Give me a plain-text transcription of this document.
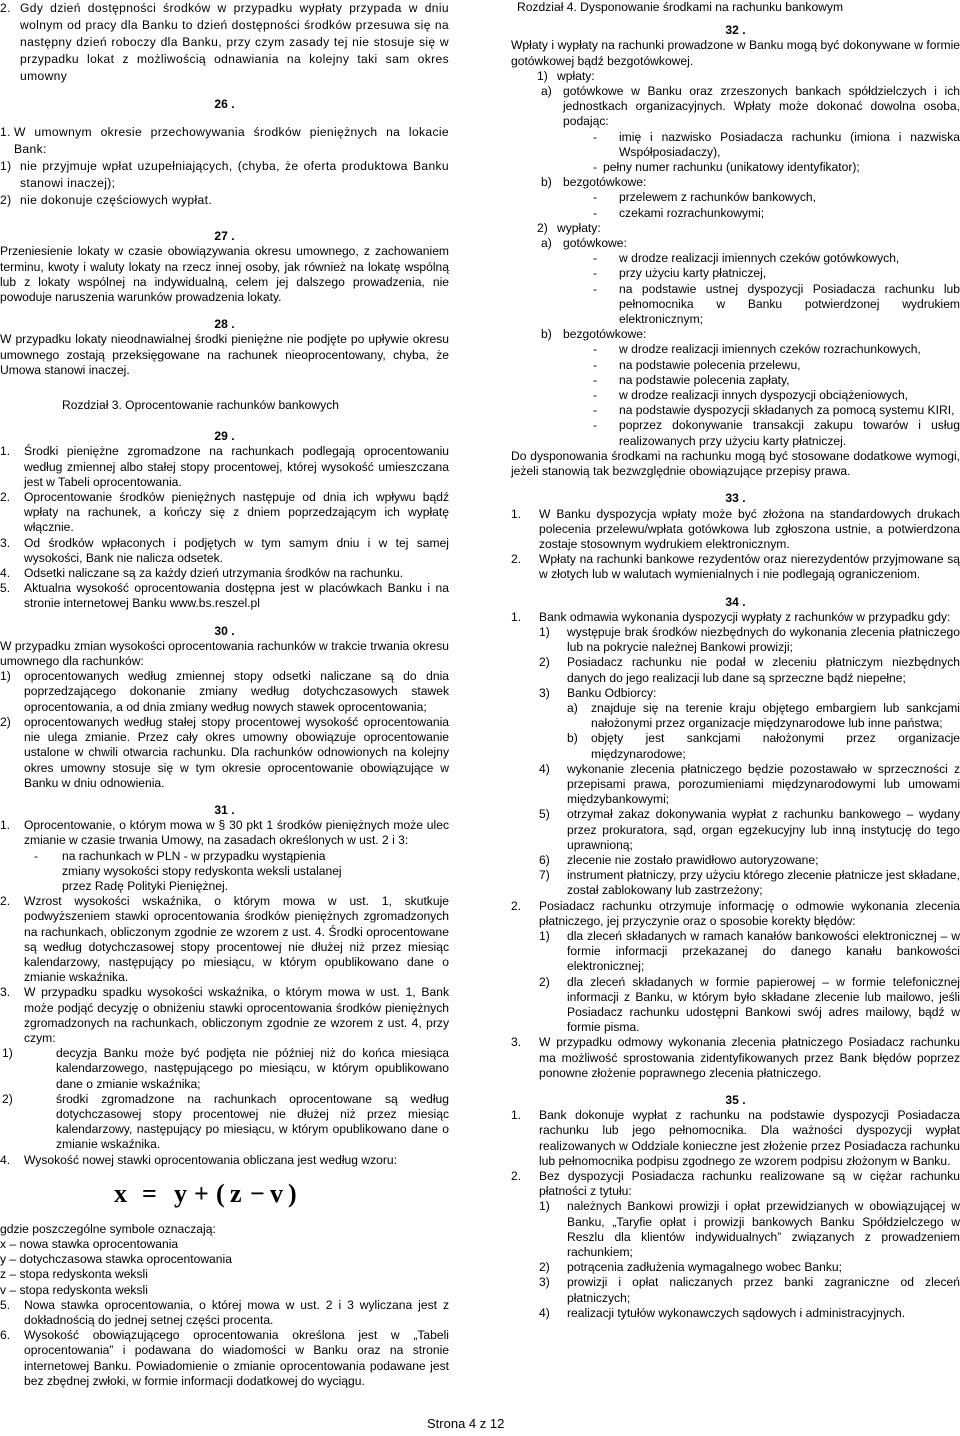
2. Gdy dzień dostępności środków w przypadku wypłaty przypada w dniu wolnym od pracy dla Banku to dzień dostępności środków przesuwa się na następny dzień roboczy dla Banku, przy czym zasady tej nie stosuje się w przypadku lokat z możliwością odnawiania na kolejny taki sam okres umowny

26 .

1. W umownym okresie przechowywania środków pieniężnych na lokacie Bank:
1) nie przyjmuje wpłat uzupełniających, (chyba, że oferta produktowa Banku stanowi inaczej);
2) nie dokonuje częściowych wypłat.

27 .

Przeniesienie lokaty w czasie obowiązywania okresu umownego, z zachowaniem terminu, kwoty i waluty lokaty na rzecz innej osoby, jak również na lokatę wspólną lub z lokaty wspólnej na indywidualną, celem jej dalszego prowadzenia, nie powoduje naruszenia warunków prowadzenia lokaty.

28 .

W przypadku lokaty nieodnawialnej środki pieniężne nie podjęte po upływie okresu umownego zostają przeksięgowane na rachunek nieoprocentowany, chyba, że Umowa stanowi inaczej.

Rozdział 3. Oprocentowanie rachunków bankowych

29 .

1.	Środki pieniężne zgromadzone na rachunkach podlegają oprocentowaniu według zmiennej albo stałej stopy procentowej, której wysokość umieszczana jest w Tabeli oprocentowania.
2.	Oprocentowanie środków pieniężnych następuje od dnia ich wpływu bądź wpłaty na rachunek, a kończy się z dniem poprzedzającym ich wypłatę włącznie.
3.	Od środków wpłaconych i podjętych w tym samym dniu i w tej samej wysokości, Bank nie nalicza odsetek.
4.	Odsetki naliczane są za każdy dzień utrzymania środków na rachunku.
5.	Aktualna wysokość oprocentowania dostępna jest w placówkach Banku i na stronie internetowej Banku www.bs.reszel.pl

30 .

W przypadku zmian wysokości oprocentowania rachunków w trakcie trwania okresu umownego dla rachunków:

1)	oprocentowanych według zmiennej stopy odsetki naliczane są do dnia poprzedzającego dokonanie zmiany według dotychczasowych stawek oprocentowania, a od dnia zmiany według nowych stawek oprocentowania;
2)	oprocentowanych według stałej stopy procentowej wysokość oprocentowania nie ulega zmianie. Przez cały okres umowny obowiązuje oprocentowanie ustalone w chwili otwarcia rachunku. Dla rachunków odnowionych na kolejny okres umowny stosuje się w tym okresie oprocentowanie obowiązujące w Banku w dniu odnowienia.

31 .

1.	Oprocentowanie, o którym mowa w § 30 pkt 1 środków pieniężnych może ulec zmianie w czasie trwania Umowy, na zasadach określonych w ust. 2 i 3:
-	na rachunkach w PLN - w przypadku wystąpienia zmiany wysokości stopy redyskonta weksli ustalanej przez Radę Polityki Pieniężnej.
2.	Wzrost wysokości wskaźnika, o którym mowa w ust. 1, skutkuje podwyższeniem stawki oprocentowania środków pieniężnych zgromadzonych na rachunkach, obliczonym zgodnie ze wzorem z ust. 4. Środki oprocentowane są według dotychczasowej stopy procentowej nie dłużej niż przez miesiąc kalendarzowy, następujący po miesiącu, w którym opublikowano dane o zmianie wskaźnika.
3.	W przypadku spadku wysokości wskaźnika, o którym mowa w ust. 1, Bank może podjąć decyzję o obniżeniu stawki oprocentowania środków pieniężnych zgromadzonych na rachunkach, obliczonym zgodnie ze wzorem z ust. 4, przy czym:
1)	decyzja Banku może być podjęta nie później niż do końca miesiąca kalendarzowego, następującego po miesiącu, w którym opublikowano dane o zmianie wskaźnika;
2)	środki zgromadzone na rachunkach oprocentowane są według dotychczasowej stopy procentowej nie dłużej niż przez miesiąc kalendarzowy, następujący po miesiącu, w którym opublikowano dane o zmianie wskaźnika.
4.	Wysokość nowej stawki oprocentowania obliczana jest według wzoru:
x = y + ( z − v )

gdzie poszczególne symbole oznaczają:

x – nowa stawka oprocentowania

y – dotychczasowa stawka oprocentowania

z – stopa redyskonta weksli

v – stopa redyskonta weksli

5.	Nowa stawka oprocentowania, o której mowa w ust. 2 i 3 wyliczana jest z dokładnością do jednej setnej części procenta.
6.	Wysokość obowiązującego oprocentowania określona jest w „Tabeli oprocentowania” i podawana do wiadomości w Banku oraz na stronie internetowej Banku. Powiadomienie o zmianie oprocentowania podawane jest bez zbędnej zwłoki, w formie informacji dodatkowej do wyciągu.

Rozdział 4. Dysponowanie środkami na rachunku bankowym

32 .

Wpłaty i wypłaty na rachunki prowadzone w Banku mogą być dokonywane w formie gotówkowej bądź bezgotówkowej.

1) wpłaty:
a) gotówkowe w Banku oraz zrzeszonych bankach spółdzielczych i ich jednostkach organizacyjnych. Wpłaty może dokonać dowolna osoba, podając:
-	imię i nazwisko Posiadacza rachunku (imiona i nazwiska Współposiadaczy),
- pełny numer rachunku (unikatowy identyfikator);
b) bezgotówkowe:
-	przelewem z rachunków bankowych,
-	czekami rozrachunkowymi;
2) wypłaty:
a) gotówkowe:
-	w drodze realizacji imiennych czeków gotówkowych,
-	przy użyciu karty płatniczej,
-	na podstawie ustnej dyspozycji Posiadacza rachunku lub pełnomocnika w Banku potwierdzonej wydrukiem elektronicznym;
b) bezgotówkowe:
-	w drodze realizacji imiennych czeków rozrachunkowych,
-	na podstawie polecenia przelewu,
-	na podstawie polecenia zapłaty,
-	w drodze realizacji innych dyspozycji obciążeniowych,
-	na podstawie dyspozycji składanych za pomocą systemu KIRI,
-	poprzez dokonywanie transakcji zakupu towarów i usług realizowanych przy użyciu karty płatniczej.

Do dysponowania środkami na rachunku mogą być stosowane dodatkowe wymogi, jeżeli stanowią tak bezwzględnie obowiązujące przepisy prawa.

33 .

1.	W Banku dyspozycja wpłaty może być złożona na standardowych drukach polecenia przelewu/wpłata gotówkowa lub zgłoszona ustnie, a potwierdzona zostaje stosownym wydrukiem elektronicznym.
2.	Wpłaty na rachunki bankowe rezydentów oraz nierezydentów przyjmowane są w złotych lub w walutach wymienialnych i nie podlegają ograniczeniom.

34 .

1.	Bank odmawia wykonania dyspozycji wypłaty z rachunków w przypadku gdy:
1)	występuje brak środków niezbędnych do wykonania zlecenia płatniczego lub na pokrycie należnej Bankowi prowizji;
2)	Posiadacz rachunku nie podał w zleceniu płatniczym niezbędnych danych do jego realizacji lub dane są sprzeczne bądź niepełne;
3)	Banku Odbiorcy:
a)	znajduje się na terenie kraju objętego embargiem lub sankcjami nałożonymi przez organizacje międzynarodowe lub inne państwa;
b)	objęty jest sankcjami nałożonymi przez organizacje międzynarodowe;
4)	wykonanie zlecenia płatniczego będzie pozostawało w sprzeczności z przepisami prawa, porozumieniami międzynarodowymi lub umowami międzybankowymi;
5)	otrzymał zakaz dokonywania wypłat z rachunku bankowego – wydany przez prokuratora, sąd, organ egzekucyjny lub inną instytucję do tego uprawnioną;
6)	zlecenie nie zostało prawidłowo autoryzowane;
7)	instrument płatniczy, przy użyciu którego zlecenie płatnicze jest składane, został zablokowany lub zastrzeżony;
2.	Posiadacz rachunku otrzymuje informację o odmowie wykonania zlecenia płatniczego, jej przyczynie oraz o sposobie korekty błędów:
1)	dla zleceń składanych w ramach kanałów bankowości elektronicznej – w formie informacji przekazanej do danego kanału bankowości elektronicznej;
2)	dla zleceń składanych w formie papierowej – w formie telefonicznej informacji z Banku, w którym było składane zlecenie lub mailowo, jeśli Posiadacz rachunku udostępni Bankowi swój adres mailowy, bądź w formie pisma.
3.	W przypadku odmowy wykonania zlecenia płatniczego Posiadacz rachunku ma możliwość sprostowania zidentyfikowanych przez Bank błędów poprzez ponowne złożenie poprawnego zlecenia płatniczego.

35 .

1.	Bank dokonuje wypłat z rachunku na podstawie dyspozycji Posiadacza rachunku lub jego pełnomocnika. Dla ważności dyspozycji wypłat realizowanych w Oddziale konieczne jest złożenie przez Posiadacza rachunku lub pełnomocnika podpisu zgodnego ze wzorem podpisu złożonym w Banku.
2.	Bez dyspozycji Posiadacza rachunku realizowane są w ciężar rachunku płatności z tytułu:
1)	należnych Bankowi prowizji i opłat przewidzianych w obowiązującej w Banku, „Taryfie opłat i prowizji bankowych Banku Spółdzielczego w Reszlu dla klientów indywidualnych” związanych z prowadzeniem rachunkiem;
2)	potrącenia zadłużenia wymagalnego wobec Banku;
3)	prowizji i opłat naliczanych przez banki zagraniczne od zleceń płatniczych;
4)	realizacji tytułów wykonawczych sądowych i administracyjnych.
Strona 4 z 12
